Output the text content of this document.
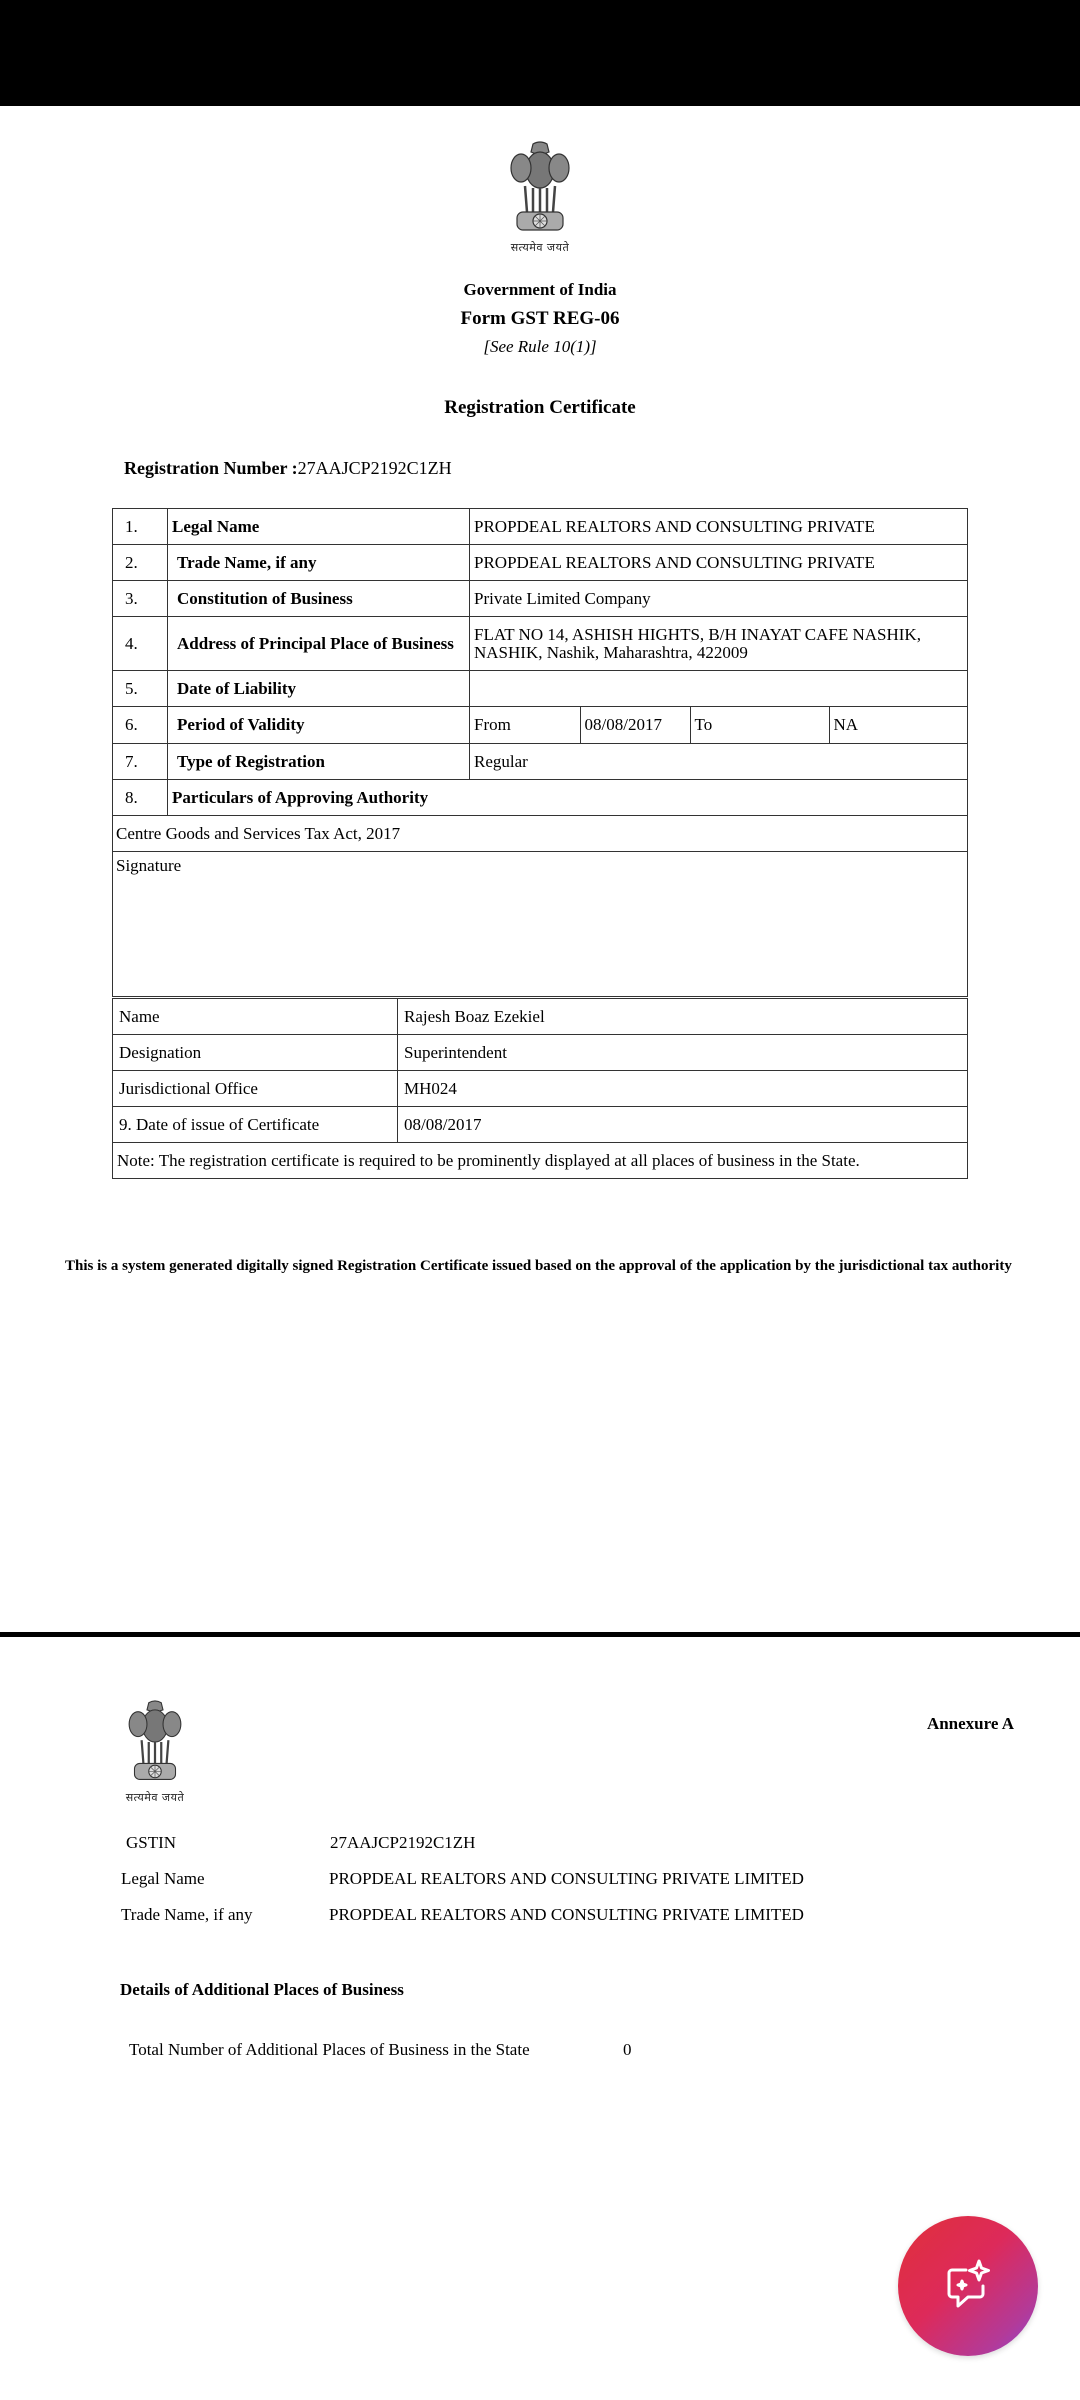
सत्यमेव जयते
Government of India
Form GST REG-06
[See Rule 10(1)]
Registration Certificate
Registration Number :27AAJCP2192C1ZH
1.	Legal Name	PROPDEAL REALTORS AND CONSULTING PRIVATE
2.	Trade Name, if any	PROPDEAL REALTORS AND CONSULTING PRIVATE
3.	Constitution of Business	Private Limited Company
4.	Address of Principal Place of Business	FLAT NO 14, ASHISH HIGHTS, B/H INAYAT CAFE NASHIK, NASHIK, Nashik, Maharashtra, 422009
5.	Date of Liability	
6.	Period of Validity		From	08/08/2017	To	NA

7.	Type of Registration	Regular
8.	Particulars of Approving Authority
Centre Goods and Services Tax Act, 2017
Signature
Name	Rajesh Boaz Ezekiel
Designation	Superintendent
Jurisdictional Office	MH024
9. Date of issue of Certificate	08/08/2017
Note: The registration certificate is required to be prominently displayed at all places of business in the State.	
This is a system generated digitally signed Registration Certificate issued based on the approval of the application by the jurisdictional tax authority
सत्यमेव जयते
Annexure A
GSTIN	27AAJCP2192C1ZH
Legal Name	PROPDEAL REALTORS AND CONSULTING PRIVATE LIMITED
Trade Name, if any	PROPDEAL REALTORS AND CONSULTING PRIVATE LIMITED
Details of Additional Places of Business
Total Number of Additional Places of Business in the State	0
